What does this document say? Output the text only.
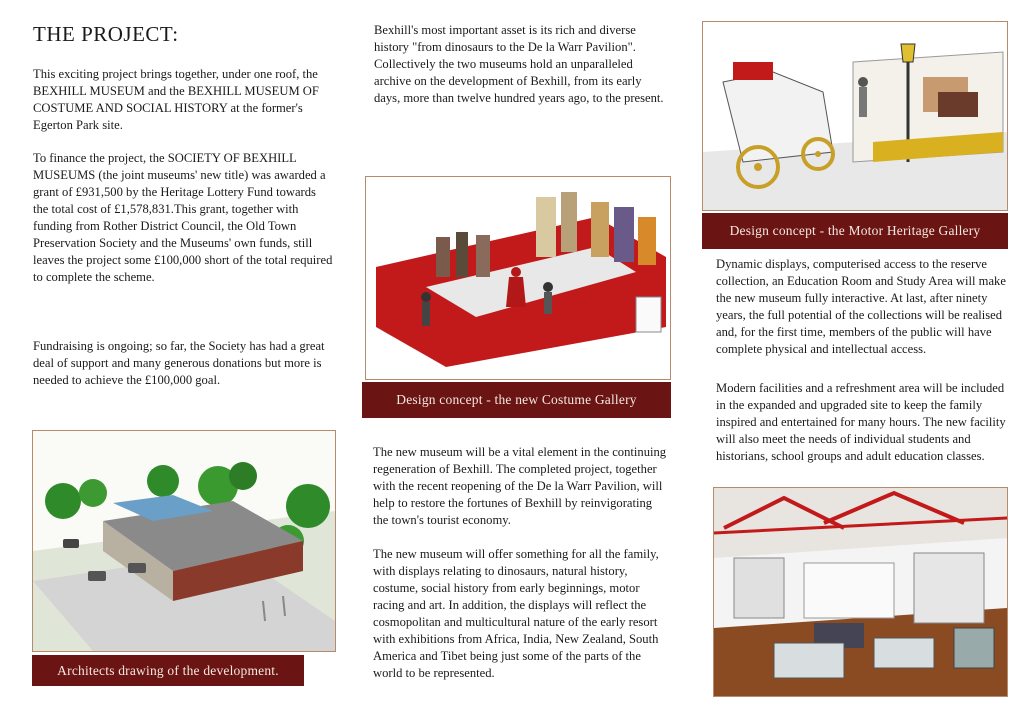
THE PROJECT:

This exciting project brings together, under one roof, the BEXHILL MUSEUM and the BEXHILL MUSEUM OF COSTUME AND SOCIAL HISTORY at the former's Egerton Park site.

To finance the project, the SOCIETY OF BEXHILL MUSEUMS (the joint museums' new title) was awarded a grant of £931,500 by the Heritage Lottery Fund towards the total cost of £1,578,831.This grant, together with funding from Rother District Council, the Old Town Preservation Society and the Museums' own funds, still leaves the project some £100,000 short of the total required to complete the scheme.

Fundraising is ongoing; so far, the Society has had a great deal of support and many generous donations but more is needed to achieve the £100,000 goal.

Architects drawing of the development.

Bexhill's most important asset is its rich and diverse history "from dinosaurs to the De la Warr Pavilion". Collectively the two museums hold an unparalleled archive on the development of Bexhill, from its early days, more than twelve hundred years ago, to the present.

Design concept - the new Costume Gallery

The new museum will be a vital element in the continuing regeneration of Bexhill. The completed project, together with the recent reopening of the De la Warr Pavilion, will help to restore the fortunes of Bexhill by reinvigorating the town's tourist economy.

The new museum will offer something for all the family, with displays relating to dinosaurs, natural history, costume, social history from early beginnings, motor racing and art. In addition, the displays will reflect the cosmopolitan and multicultural nature of the early resort with exhibitions from Africa, India, New Zealand, South America and Tibet being just some of the parts of the world to be represented.

Design concept - the Motor Heritage Gallery

Dynamic displays, computerised access to the reserve collection, an Education Room and Study Area will make the new museum fully interactive. At last, after ninety years, the full potential of the collections will be realised and, for the first time, members of the public will have complete physical and intellectual access.

Modern facilities and a refreshment area will be included in the expanded and upgraded site to keep the family inspired and entertained for many hours. The new facility will also meet the needs of individual students and historians, school groups and adult education classes.
